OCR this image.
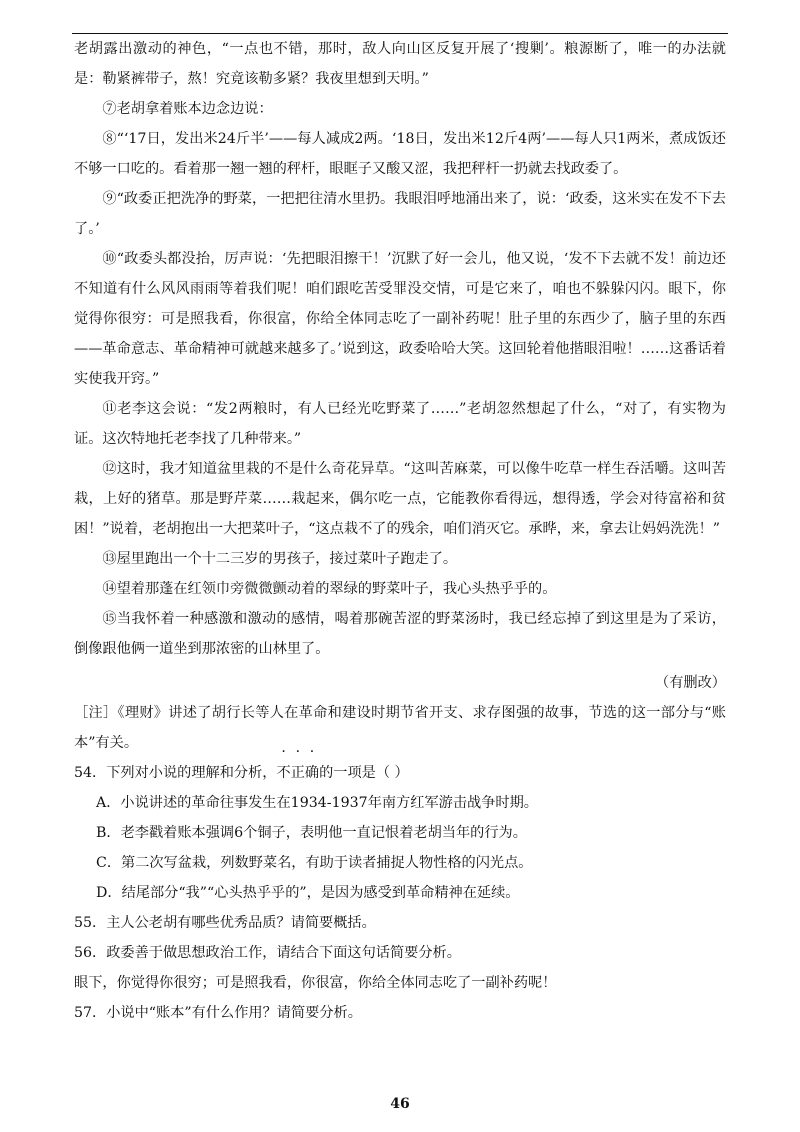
老胡露出激动的神色，“一点也不错，那时，敌人向山区反复开展了‘搜剿’。粮源断了，唯一的办法就是：勒紧裤带子，熬！究竟该勒多紧？我夜里想到天明。”

⑦老胡拿着账本边念边说：

⑧“‘17日，发出米24斤半’——每人减成2两。‘18日，发出米12斤4两’——每人只1两米，煮成饭还不够一口吃的。看着那一翘一翘的秤杆，眼眶子又酸又涩，我把秤杆一扔就去找政委了。

⑨“政委正把洗净的野菜，一把把往清水里扔。我眼泪呼地涌出来了，说：‘政委，这米实在发不下去了。’

⑩“政委头都没抬，厉声说：‘先把眼泪擦干！’沉默了好一会儿，他又说，‘发不下去就不发！前边还不知道有什么风风雨雨等着我们呢！咱们跟吃苦受罪没交情，可是它来了，咱也不躲躲闪闪。眼下，你觉得你很穷：可是照我看，你很富，你给全体同志吃了一副补药呢！肚子里的东西少了，脑子里的东西——革命意志、革命精神可就越来越多了。’说到这，政委哈哈大笑。这回轮着他揩眼泪啦！……这番话着实使我开窍。”

⑪老李这会说：“发2两粮时，有人已经光吃野菜了……”老胡忽然想起了什么，“对了，有实物为证。这次特地托老李找了几种带来。”

⑫这时，我才知道盆里栽的不是什么奇花异草。“这叫苦麻菜，可以像牛吃草一样生吞活嚼。这叫苦栽，上好的猪草。那是野芹菜……栽起来，偶尔吃一点，它能教你看得远，想得透，学会对待富裕和贫困！”说着，老胡抱出一大把菜叶子，“这点栽不了的残余，咱们消灭它。承晔，来，拿去让妈妈洗洗！”

⑬屋里跑出一个十二三岁的男孩子，接过菜叶子跑走了。

⑭望着那蓬在红领巾旁微微颤动着的翠绿的野菜叶子，我心头热乎乎的。

⑮当我怀着一种感激和激动的感情，喝着那碗苦涩的野菜汤时，我已经忘掉了到这里是为了采访，倒像跟他俩一道坐到那浓密的山林里了。

（有删改）

［注］《理财》讲述了胡行长等人在革命和建设时期节省开支、求存图强的故事，节选的这一部分与“账本”有关。

54．下列对小说的理解和分析，不正确的一项是（ ）

A．小说讲述的革命往事发生在1934-1937年南方红军游击战争时期。

B．老李戳着账本强调6个铜子，表明他一直记恨着老胡当年的行为。

C．第二次写盆栽，列数野菜名，有助于读者捕捉人物性格的闪光点。

D．结尾部分“我”“心头热乎乎的”，是因为感受到革命精神在延续。

55．主人公老胡有哪些优秀品质？请简要概括。

56．政委善于做思想政治工作，请结合下面这句话简要分析。

眼下，你觉得你很穷；可是照我看，你很富，你给全体同志吃了一副补药呢！

57．小说中“账本”有什么作用？请简要分析。

46
